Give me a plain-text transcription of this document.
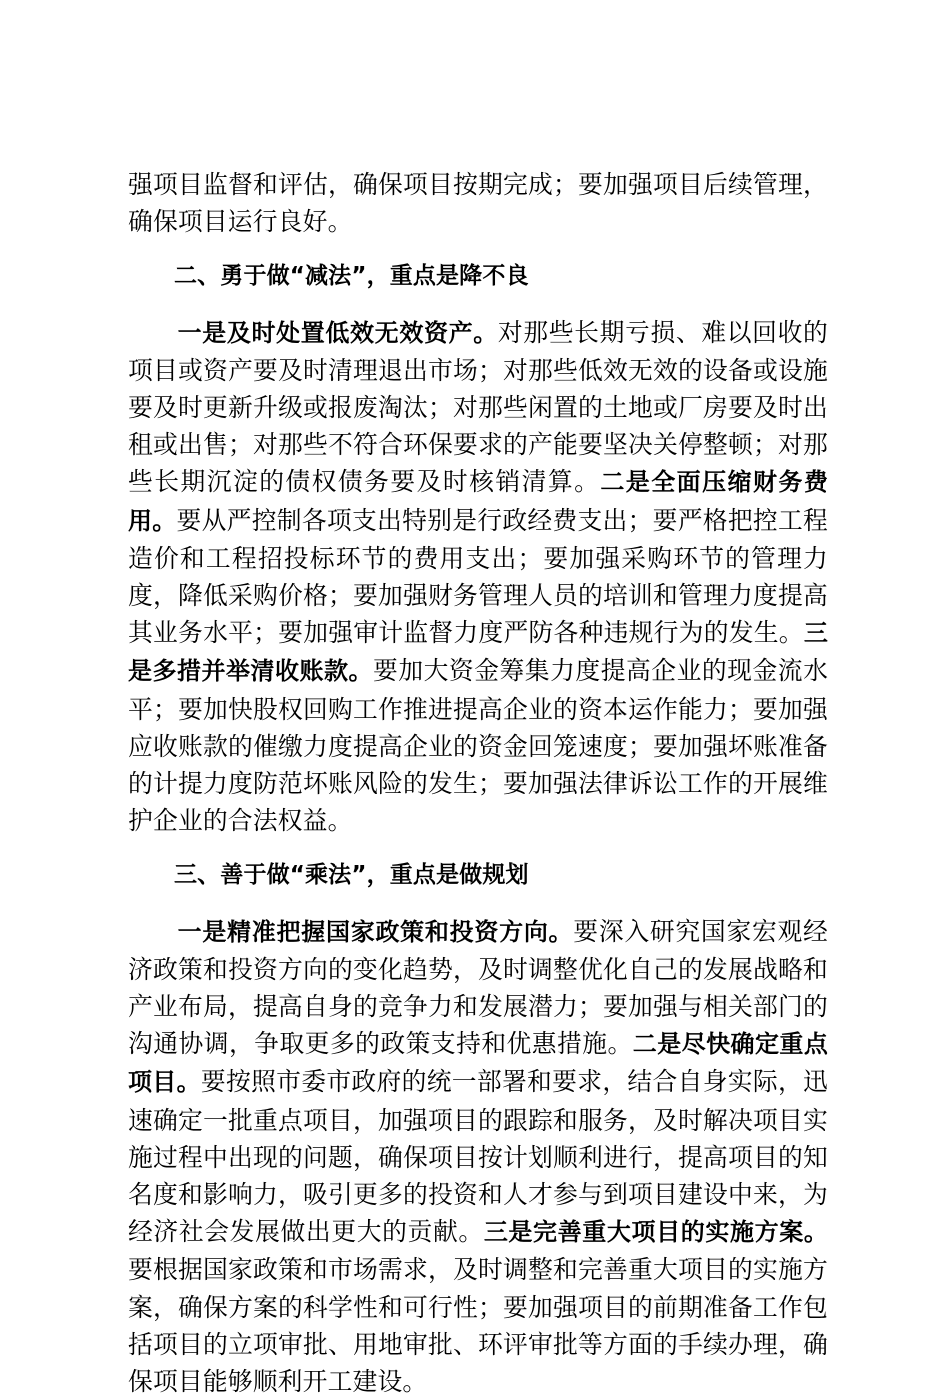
强项目监督和评估，确保项目按期完成；要加强项目后续管理，确保项目运行良好。

二、勇于做“减法”，重点是降不良

一是及时处置低效无效资产。对那些长期亏损、难以回收的项目或资产要及时清理退出市场；对那些低效无效的设备或设施要及时更新升级或报废淘汰；对那些闲置的土地或厂房要及时出租或出售；对那些不符合环保要求的产能要坚决关停整顿；对那些长期沉淀的债权债务要及时核销清算。二是全面压缩财务费用。要从严控制各项支出特别是行政经费支出；要严格把控工程造价和工程招投标环节的费用支出；要加强采购环节的管理力度，降低采购价格；要加强财务管理人员的培训和管理力度提高其业务水平；要加强审计监督力度严防各种违规行为的发生。三是多措并举清收账款。要加大资金筹集力度提高企业的现金流水平；要加快股权回购工作推进提高企业的资本运作能力；要加强应收账款的催缴力度提高企业的资金回笼速度；要加强坏账准备的计提力度防范坏账风险的发生；要加强法律诉讼工作的开展维护企业的合法权益。

三、善于做“乘法”，重点是做规划

一是精准把握国家政策和投资方向。要深入研究国家宏观经济政策和投资方向的变化趋势，及时调整优化自己的发展战略和产业布局，提高自身的竞争力和发展潜力；要加强与相关部门的沟通协调，争取更多的政策支持和优惠措施。二是尽快确定重点项目。要按照市委市政府的统一部署和要求，结合自身实际，迅速确定一批重点项目，加强项目的跟踪和服务，及时解决项目实施过程中出现的问题，确保项目按计划顺利进行，提高项目的知名度和影响力，吸引更多的投资和人才参与到项目建设中来，为经济社会发展做出更大的贡献。三是完善重大项目的实施方案。要根据国家政策和市场需求，及时调整和完善重大项目的实施方案，确保方案的科学性和可行性；要加强项目的前期准备工作包括项目的立项审批、用地审批、环评审批等方面的手续办理，确保项目能够顺利开工建设。
